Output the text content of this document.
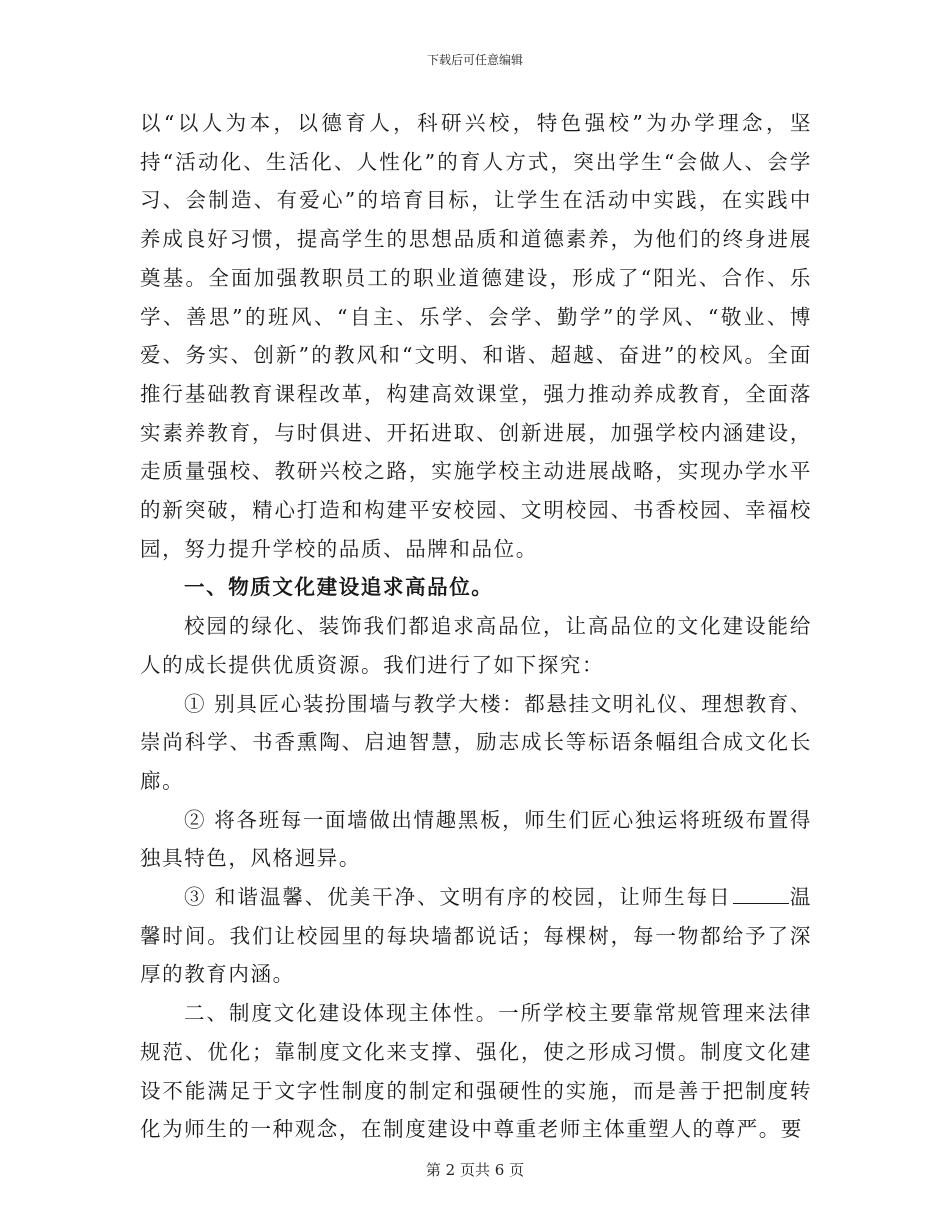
下载后可任意编辑

以“以人为本，以德育人，科研兴校，特色强校”为办学理念，坚持“活动化、生活化、人性化”的育人方式，突出学生“会做人、会学习、会制造、有爱心”的培育目标，让学生在活动中实践，在实践中养成良好习惯，提高学生的思想品质和道德素养，为他们的终身进展奠基。全面加强教职员工的职业道德建设，形成了“阳光、合作、乐学、善思”的班风、“自主、乐学、会学、勤学”的学风、“敬业、博爱、务实、创新”的教风和“文明、和谐、超越、奋进”的校风。全面推行基础教育课程改革，构建高效课堂，强力推动养成教育，全面落实素养教育，与时俱进、开拓进取、创新进展，加强学校内涵建设，走质量强校、教研兴校之路，实施学校主动进展战略，实现办学水平的新突破，精心打造和构建平安校园、文明校园、书香校园、幸福校园，努力提升学校的品质、品牌和品位。

一、物质文化建设追求高品位。

校园的绿化、装饰我们都追求高品位，让高品位的文化建设能给人的成长提供优质资源。我们进行了如下探究：

① 别具匠心装扮围墙与教学大楼：都悬挂文明礼仪、理想教育、崇尚科学、书香熏陶、启迪智慧，励志成长等标语条幅组合成文化长廊。

② 将各班每一面墙做出情趣黑板，师生们匠心独运将班级布置得独具特色，风格迥异。

③ 和谐温馨、优美干净、文明有序的校园，让师生每日	温馨时间。我们让校园里的每块墙都说话；每棵树，每一物都给予了深厚的教育内涵。

二、制度文化建设体现主体性。一所学校主要靠常规管理来法律规范、优化；靠制度文化来支撑、强化，使之形成习惯。制度文化建设不能满足于文字性制度的制定和强硬性的实施，而是善于把制度转化为师生的一种观念，在制度建设中尊重老师主体重塑人的尊严。要

第 2 页共 6 页
